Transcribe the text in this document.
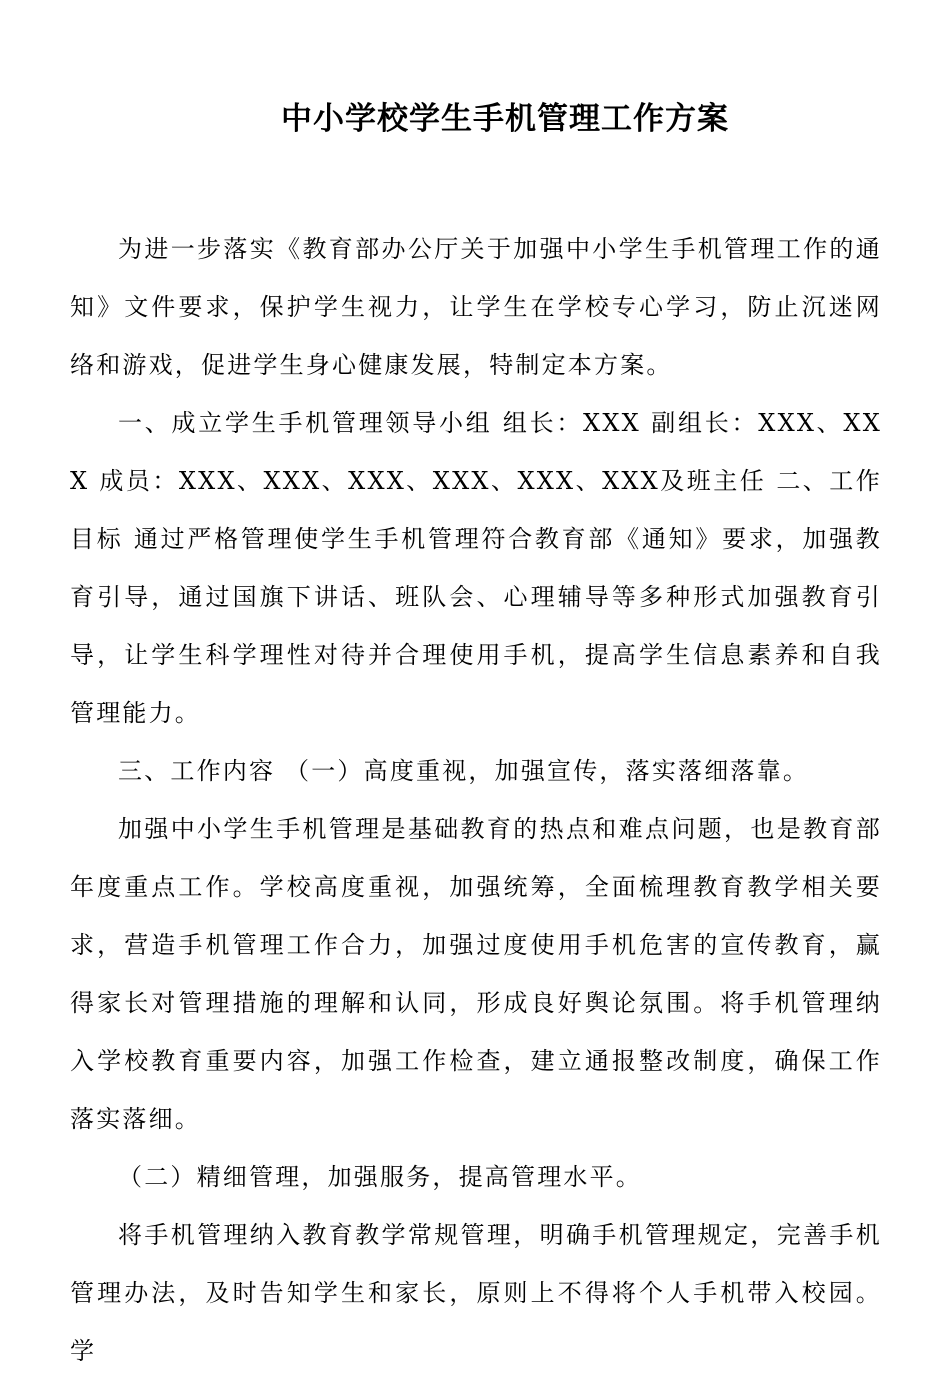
中小学校学生手机管理工作方案

为进一步落实《教育部办公厅关于加强中小学生手机管理工作的通知》文件要求，保护学生视力，让学生在学校专心学习，防止沉迷网络和游戏，促进学生身心健康发展，特制定本方案。

一、成立学生手机管理领导小组 组长：XXX 副组长：XXX、XXX 成员：XXX、XXX、XXX、XXX、XXX、XXX及班主任 二、工作目标 通过严格管理使学生手机管理符合教育部《通知》要求，加强教育引导，通过国旗下讲话、班队会、心理辅导等多种形式加强教育引导，让学生科学理性对待并合理使用手机，提高学生信息素养和自我管理能力。

三、工作内容 （一）高度重视，加强宣传，落实落细落靠。

加强中小学生手机管理是基础教育的热点和难点问题，也是教育部年度重点工作。学校高度重视，加强统筹，全面梳理教育教学相关要求，营造手机管理工作合力，加强过度使用手机危害的宣传教育，赢得家长对管理措施的理解和认同，形成良好舆论氛围。将手机管理纳入学校教育重要内容，加强工作检查，建立通报整改制度，确保工作落实落细。

（二）精细管理，加强服务，提高管理水平。

将手机管理纳入教育教学常规管理，明确手机管理规定，完善手机管理办法，及时告知学生和家长，原则上不得将个人手机带入校园。学
